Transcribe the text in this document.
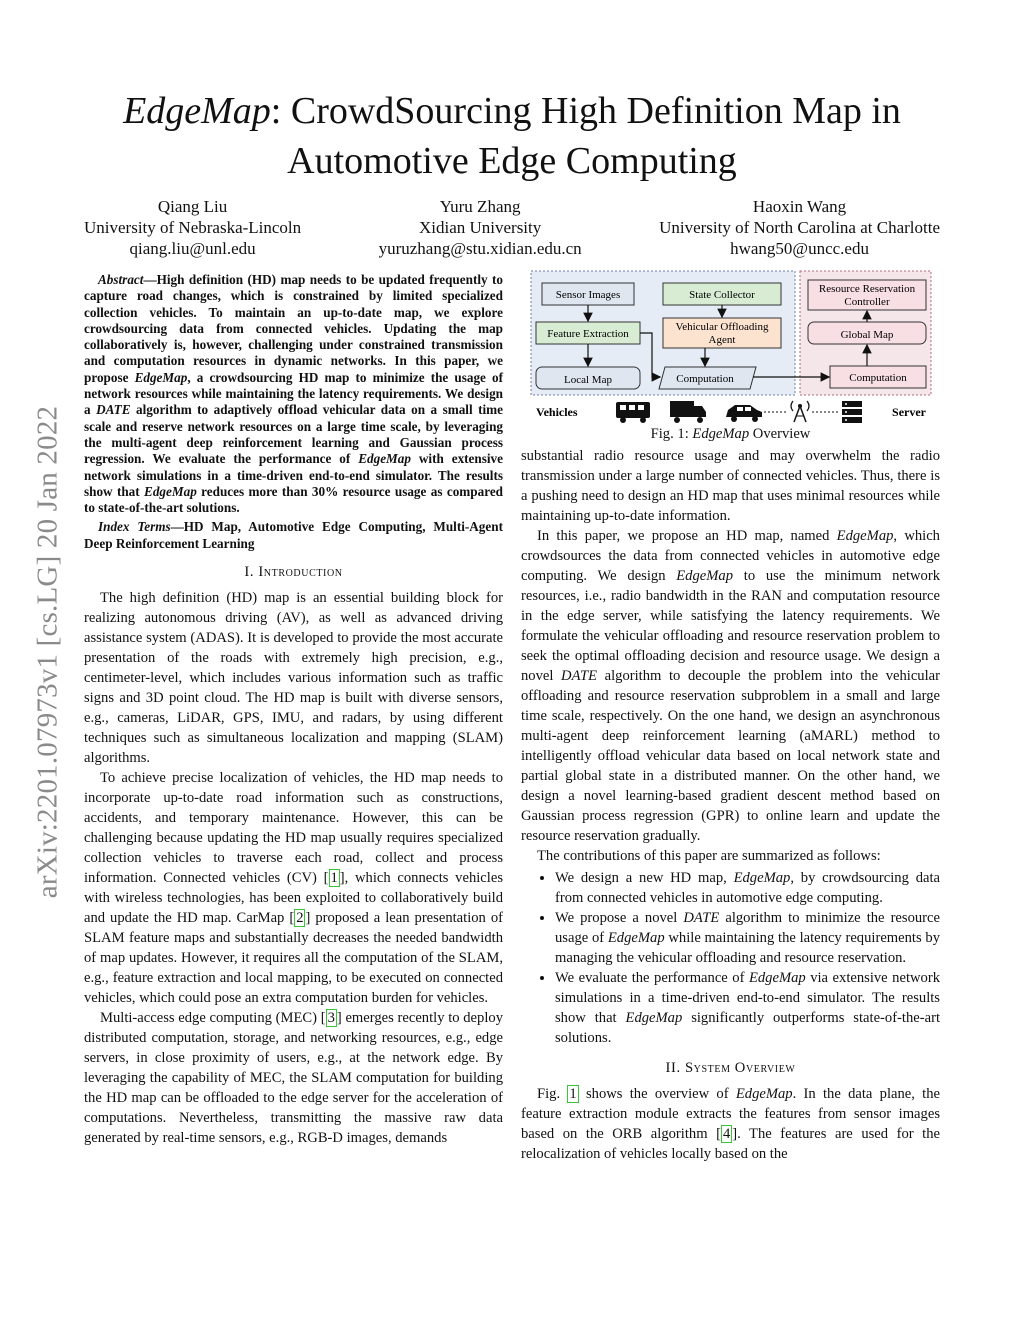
arXiv:2201.07973v1 [cs.LG] 20 Jan 2022
EdgeMap: CrowdSourcing High Definition Map in
Automotive Edge Computing
Qiang Liu
University of Nebraska-Lincoln
qiang.liu@unl.edu
Yuru Zhang
Xidian University
yuruzhang@stu.xidian.edu.cn
Haoxin Wang
University of North Carolina at Charlotte
hwang50@uncc.edu

Abstract—High definition (HD) map needs to be updated frequently to capture road changes, which is constrained by limited specialized collection vehicles. To maintain an up-to-date map, we explore crowdsourcing data from connected vehicles. Updating the map collaboratively is, however, challenging under constrained transmission and computation resources in dynamic networks. In this paper, we propose EdgeMap, a crowdsourcing HD map to minimize the usage of network resources while maintaining the latency requirements. We design a DATE algorithm to adaptively offload vehicular data on a small time scale and reserve network resources on a large time scale, by leveraging the multi-agent deep reinforcement learning and Gaussian process regression. We evaluate the performance of EdgeMap with extensive network simulations in a time-driven end-to-end simulator. The results show that EdgeMap reduces more than 30% resource usage as compared to state-of-the-art solutions.

Index Terms—HD Map, Automotive Edge Computing, Multi-Agent Deep Reinforcement Learning

I. Introduction

The high definition (HD) map is an essential building block for realizing autonomous driving (AV), as well as advanced driving assistance system (ADAS). It is developed to provide the most accurate presentation of the roads with extremely high precision, e.g., centimeter-level, which includes various information such as traffic signs and 3D point cloud. The HD map is built with diverse sensors, e.g., cameras, LiDAR, GPS, IMU, and radars, by using different techniques such as simultaneous localization and mapping (SLAM) algorithms.

To achieve precise localization of vehicles, the HD map needs to incorporate up-to-date road information such as constructions, accidents, and temporary maintenance. However, this can be challenging because updating the HD map usually requires specialized collection vehicles to traverse each road, collect and process information. Connected vehicles (CV) [ 1 ], which connects vehicles with wireless technologies, has been exploited to collaboratively build and update the HD map. CarMap [ 2 ] proposed a lean presentation of SLAM feature maps and substantially decreases the needed bandwidth of map updates. However, it requires all the computation of the SLAM, e.g., feature extraction and local mapping, to be executed on connected vehicles, which could pose an extra computation burden for vehicles.

Multi-access edge computing (MEC) [ 3 ] emerges recently to deploy distributed computation, storage, and networking resources, e.g., edge servers, in close proximity of users, e.g., at the network edge. By leveraging the capability of MEC, the SLAM computation for building the HD map can be offloaded to the edge server for the acceleration of computations. Nevertheless, transmitting the massive raw data generated by real-time sensors, e.g., RGB-D images, demands

Sensor Images
Feature Extraction
Local Map
State Collector
Vehicular Offloading
Agent
Computation
Resource Reservation
Controller
Global Map
Computation
Vehicles	Server
Fig. 1: EdgeMap Overview

substantial radio resource usage and may overwhelm the radio transmission under a large number of connected vehicles. Thus, there is a pushing need to design an HD map that uses minimal resources while maintaining up-to-date information.

In this paper, we propose an HD map, named EdgeMap, which crowdsources the data from connected vehicles in automotive edge computing. We design EdgeMap to use the minimum network resources, i.e., radio bandwidth in the RAN and computation resource in the edge server, while satisfying the latency requirements. We formulate the vehicular offloading and resource reservation problem to seek the optimal offloading decision and resource usage. We design a novel DATE algorithm to decouple the problem into the vehicular offloading and resource reservation subproblem in a small and large time scale, respectively. On the one hand, we design an asynchronous multi-agent deep reinforcement learning (aMARL) method to intelligently offload vehicular data based on local network state and partial global state in a distributed manner. On the other hand, we design a novel learning-based gradient descent method based on Gaussian process regression (GPR) to online learn and update the resource reservation gradually.

The contributions of this paper are summarized as follows:

• We design a new HD map, EdgeMap, by crowdsourcing data from connected vehicles in automotive edge computing.
• We propose a novel DATE algorithm to minimize the resource usage of EdgeMap while maintaining the latency requirements by managing the vehicular offloading and resource reservation.
• We evaluate the performance of EdgeMap via extensive network simulations in a time-driven end-to-end simulator. The results show that EdgeMap significantly outperforms state-of-the-art solutions.
II. System Overview

Fig. 1 shows the overview of EdgeMap. In the data plane, the feature extraction module extracts the features from sensor images based on the ORB algorithm [ 4 ]. The features are used for the relocalization of vehicles locally based on the
